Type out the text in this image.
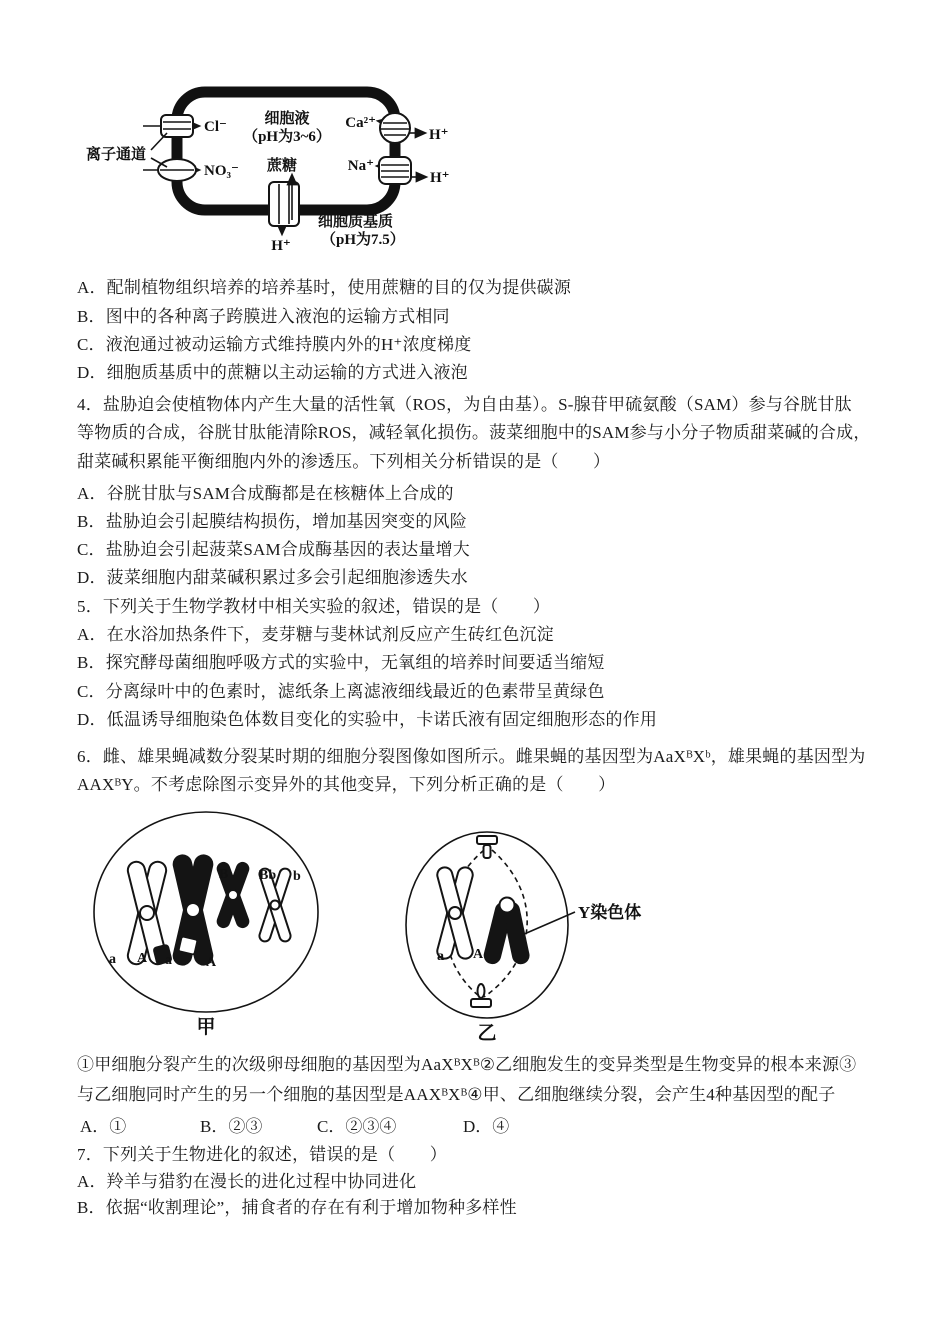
离子通道
Cl⁻
NO₃⁻
细胞液
（pH为3~6）
蔗糖
H⁺
细胞质基质
（pH为7.5）
Ca²⁺
H⁺
Na⁺
H⁺
A．配制植物组织培养的培养基时，使用蔗糖的目的仅为提供碳源
B．图中的各种离子跨膜进入液泡的运输方式相同
C．液泡通过被动运输方式维持膜内外的H⁺浓度梯度
D．细胞质基质中的蔗糖以主动运输的方式进入液泡
4．盐胁迫会使植物体内产生大量的活性氧（ROS，为自由基）。S-腺苷甲硫氨酸（SAM）参与谷胱甘肽
等物质的合成，谷胱甘肽能清除ROS，减轻氧化损伤。菠菜细胞中的SAM参与小分子物质甜菜碱的合成，
甜菜碱积累能平衡细胞内外的渗透压。下列相关分析错误的是（　　）
A．谷胱甘肽与SAM合成酶都是在核糖体上合成的
B．盐胁迫会引起膜结构损伤，增加基因突变的风险
C．盐胁迫会引起菠菜SAM合成酶基因的表达量增大
D．菠菜细胞内甜菜碱积累过多会引起细胞渗透失水
5．下列关于生物学教材中相关实验的叙述，错误的是（　　）
A．在水浴加热条件下，麦芽糖与斐林试剂反应产生砖红色沉淀
B．探究酵母菌细胞呼吸方式的实验中，无氧组的培养时间要适当缩短
C．分离绿叶中的色素时，滤纸条上离滤液细线最近的色素带呈黄绿色
D．低温诱导细胞染色体数目变化的实验中，卡诺氏液有固定细胞形态的作用
6．雌、雄果蝇减数分裂某时期的细胞分裂图像如图所示。雌果蝇的基因型为AaXᴮXᵇ，雄果蝇的基因型为
AAXᴮY。不考虑除图示变异外的其他变异，下列分析正确的是（　　）
B Bb b
a A a A
甲
a A
Y染色体
乙
①甲细胞分裂产生的次级卵母细胞的基因型为AaXᴮXᴮ②乙细胞发生的变异类型是生物变异的根本来源③
与乙细胞同时产生的另一个细胞的基因型是AAXᴮXᴮ④甲、乙细胞继续分裂，会产生4种基因型的配子
A．①	B．②③	C．②③④	D．④
7．下列关于生物进化的叙述，错误的是（　　）
A．羚羊与猎豹在漫长的进化过程中协同进化
B．依据“收割理论”，捕食者的存在有利于增加物种多样性
